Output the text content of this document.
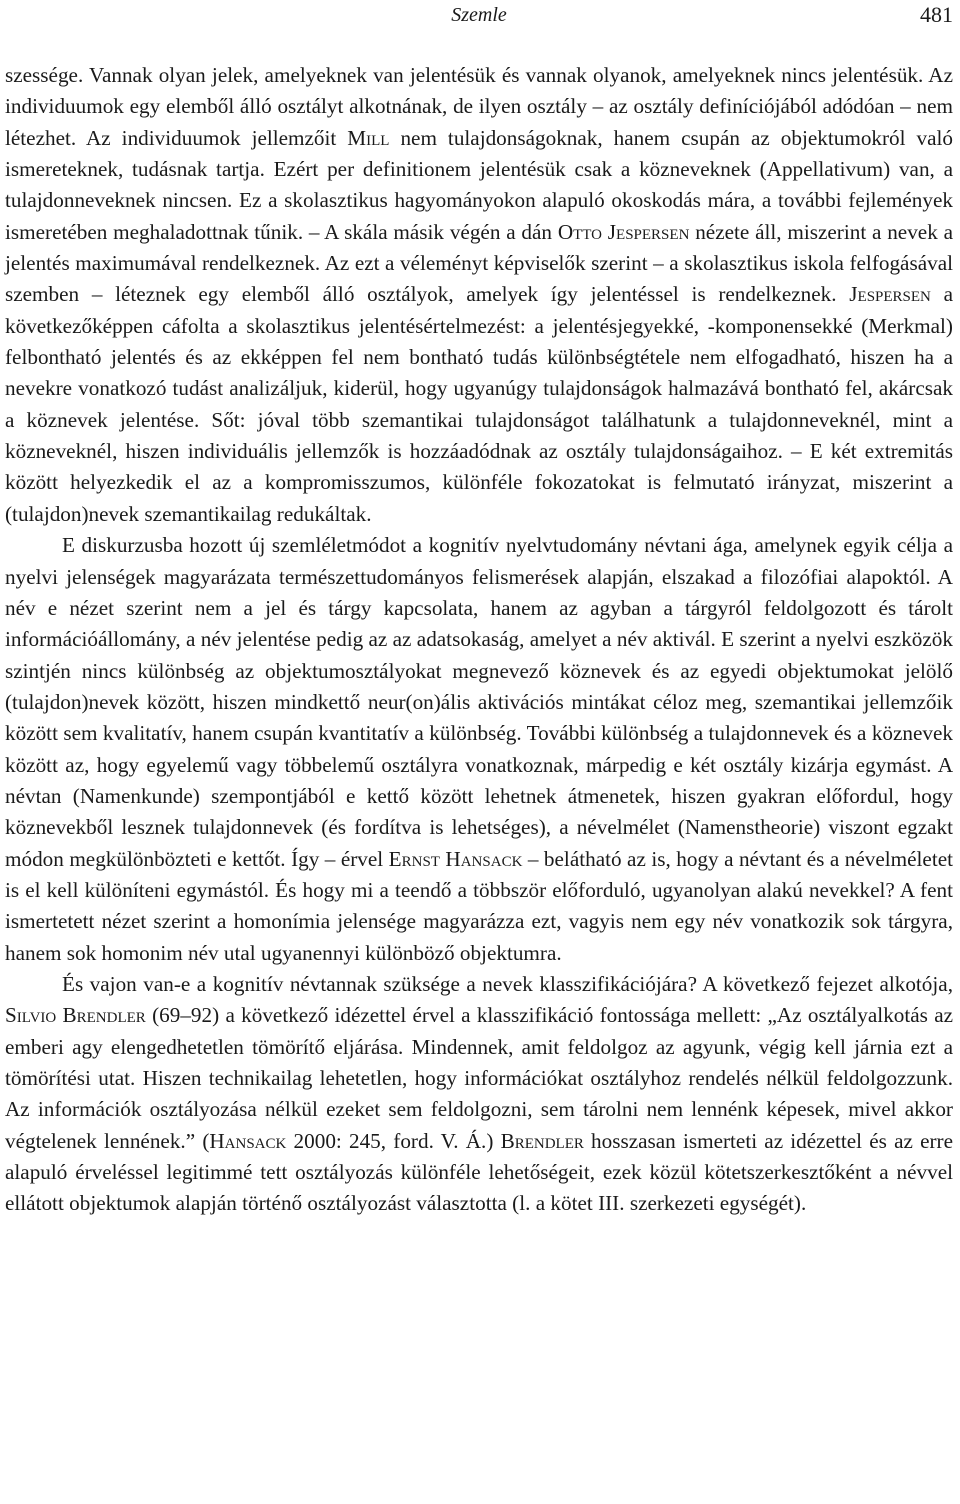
Szemle	481

szessége. Vannak olyan jelek, amelyeknek van jelentésük és vannak olyanok, amelyeknek nincs jelentésük. Az individuumok egy elemből álló osztályt alkotnának, de ilyen osztály – az osztály definíciójából adódóan – nem létezhet. Az individuumok jellemzőit Mill nem tulajdonságoknak, hanem csupán az objektumokról való ismereteknek, tudásnak tartja. Ezért per definitionem jelentésük csak a közneveknek (Appellativum) van, a tulajdonneveknek nincsen. Ez a skolasztikus hagyományokon alapuló okoskodás mára, a további fejlemények ismeretében meghaladottnak tűnik. – A skála másik végén a dán Otto Jespersen nézete áll, miszerint a nevek a jelentés maximumával rendelkeznek. Az ezt a véleményt képviselők szerint – a skolasztikus iskola felfogásával szemben – léteznek egy elemből álló osztályok, amelyek így jelentéssel is rendelkeznek. Jespersen a következőképpen cáfolta a skolasztikus jelentésértelmezést: a jelentésjegyekké, -komponensekké (Merkmal) felbontható jelentés és az ekképpen fel nem bontható tudás különbségtétele nem elfogadható, hiszen ha a nevekre vonatkozó tudást analizáljuk, kiderül, hogy ugyanúgy tulajdonságok halmazává bontható fel, akárcsak a köznevek jelentése. Sőt: jóval több szemantikai tulajdonságot találhatunk a tulajdonneveknél, mint a közneveknél, hiszen individuális jellemzők is hozzáadódnak az osztály tulajdonságaihoz. – E két extremitás között helyezkedik el az a kompromisszumos, különféle fokozatokat is felmutató irányzat, miszerint a (tulajdon)nevek szemantikailag redukáltak.

E diskurzusba hozott új szemléletmódot a kognitív nyelvtudomány névtani ága, amelynek egyik célja a nyelvi jelenségek magyarázata természettudományos felismerések alapján, elszakad a filozófiai alapoktól. A név e nézet szerint nem a jel és tárgy kapcsolata, hanem az agyban a tárgyról feldolgozott és tárolt információállomány, a név jelentése pedig az az adatsokaság, amelyet a név aktivál. E szerint a nyelvi eszközök szintjén nincs különbség az objektumosztályokat megnevező köznevek és az egyedi objektumokat jelölő (tulajdon)nevek között, hiszen mindkettő neur(on)ális aktivációs mintákat céloz meg, szemantikai jellemzőik között sem kvalitatív, hanem csupán kvantitatív a különbség. További különbség a tulajdonnevek és a köznevek között az, hogy egyelemű vagy többelemű osztályra vonatkoznak, márpedig e két osztály kizárja egymást. A névtan (Namenkunde) szempontjából e kettő között lehetnek átmenetek, hiszen gyakran előfordul, hogy köznevekből lesznek tulajdonnevek (és fordítva is lehetséges), a névelmélet (Namenstheorie) viszont egzakt módon megkülönbözteti e kettőt. Így – érvel Ernst Hansack – belátható az is, hogy a névtant és a névelméletet is el kell különíteni egymástól. És hogy mi a teendő a többször előforduló, ugyanolyan alakú nevekkel? A fent ismertetett nézet szerint a homonímia jelensége magyarázza ezt, vagyis nem egy név vonatkozik sok tárgyra, hanem sok homonim név utal ugyanennyi különböző objektumra.

És vajon van-e a kognitív névtannak szüksége a nevek klasszifikációjára? A következő fejezet alkotója, Silvio Brendler (69–92) a következő idézettel érvel a klasszifikáció fontossága mellett: „Az osztályalkotás az emberi agy elengedhetetlen tömörítő eljárása. Mindennek, amit feldolgoz az agyunk, végig kell járnia ezt a tömörítési utat. Hiszen technikailag lehetetlen, hogy információkat osztályhoz rendelés nélkül feldolgozzunk. Az információk osztályozása nélkül ezeket sem feldolgozni, sem tárolni nem lennénk képesek, mivel akkor végtelenek lennének.” (Hansack 2000: 245, ford. V. Á.) Brendler hosszasan ismerteti az idézettel és az erre alapuló érveléssel legitimmé tett osztályozás különféle lehetőségeit, ezek közül kötetszerkesztőként a névvel ellátott objektumok alapján történő osztályozást választotta (l. a kötet III. szerkezeti egységét).
